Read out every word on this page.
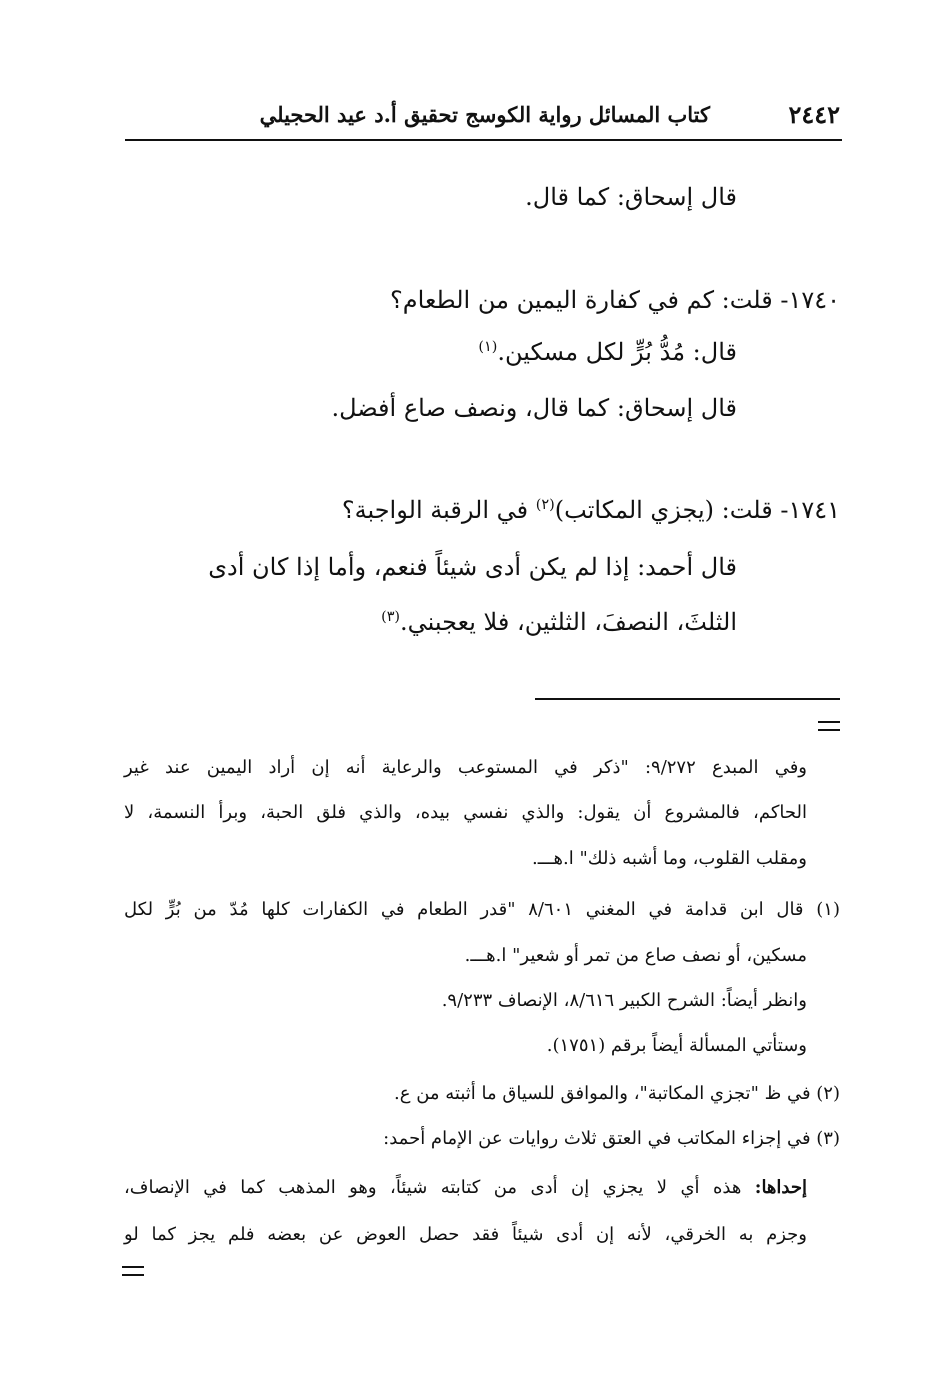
٢٤٤٢
كتاب المسائل رواية الكوسج تحقيق أ.د عيد الحجيلي
قال إسحاق: كما قال.
١٧٤٠- قلت: كم في كفارة اليمين من الطعام؟
قال: مُدُّ بُرٍّ لكل مسكين.$^{(١)}$
قال إسحاق: كما قال، ونصف صاع أفضل.
١٧٤١- قلت: (يجزي المكاتب)$^{(٢)}$ في الرقبة الواجبة؟
قال أحمد: إذا لم يكن أدى شيئاً فنعم، وأما إذا كان أدى
الثلثَ، النصفَ، الثلثين، فلا يعجبني.$^{(٣)}$
وفي المبدع ٩/٢٧٢: "ذكر في المستوعب والرعاية أنه إن أراد اليمين عند غير
الحاكم، فالمشروع أن يقول: والذي نفسي بيده، والذي فلق الحبة، وبرأ النسمة، لا
ومقلب القلوب، وما أشبه ذلك" ا.هـــ.
(١) قال ابن قدامة في المغني ٨/٦٠١ "قدر الطعام في الكفارات كلها مُدّ من بُرٍّ لكل
مسكين، أو نصف صاع من تمر أو شعير" ا.هـــ.
وانظر أيضاً: الشرح الكبير ٨/٦١٦، الإنصاف ٩/٢٣٣.
وستأتي المسألة أيضاً برقم (١٧٥١).
(٢) في ظ "تجزي المكاتبة"، والموافق للسياق ما أثبته من ع.
(٣) في إجزاء المكاتب في العتق ثلاث روايات عن الإمام أحمد:
إحداها: هذه أي لا يجزي إن أدى من كتابته شيئاً، وهو المذهب كما في الإنصاف،
وجزم به الخرقي، لأنه إن أدى شيئاً فقد حصل العوض عن بعضه فلم يجز كما لو
